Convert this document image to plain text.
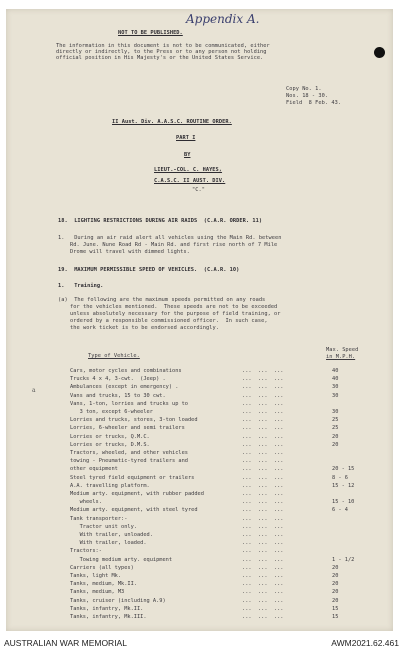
Appendix A.
NOT TO BE PUBLISHED.
The information in this document is not to be communicated, either
directly or indirectly, to the Press or to any person not holding
official position in His Majesty's or the United States Service.
Copy No. 1.
Nos. 18 - 30.
Field  8 Feb. 43.
II Aust. Div. A.A.S.C. ROUTINE ORDER.
PART I
BY
LIEUT.-COL. C. HAYES,
C.A.S.C. II AUST. DIV.
"C."
18.  LIGHTING RESTRICTIONS DURING AIR RAIDS  (C.A.R. ORDER. 11)
1.   During an air raid alert all vehicles using the Main Rd. between
Rd. June. Nune Road Rd - Main Rd. and first rise north of 7 Mile
Drome will travel with dimmed lights.
19.  MAXIMUM PERMISSIBLE SPEED OF VEHICLES.  (C.A.R. 10)
1.   Training.
(a)  The following are the maximum speeds permitted on any roads
for the vehicles mentioned.  These speeds are not to be exceeded
unless absolutely necessary for the purpose of field training, or
ordered by a responsible commissioned officer.  In such case,
the work ticket is to be endorsed accordingly.
Type of Vehicle.
Max. Speed
in M.P.H.
a
Cars, motor cycles and combinations	...  ...  ...	40
Trucks 4 x 4, 3-cwt.  (Jeep) .	...  ...  ...	40
Ambulances (except in emergency) .	...  ...  ...	30
Vans and trucks, 15 to 30 cwt.	...  ...  ...	30
Vans, 1-ton, lorries and trucks up to	...  ...  ...
3 ton, except 6-wheeler	...  ...  ...	30
Lorries and trucks, stores, 3-ton loaded	...  ...  ...	25
Lorries, 6-wheeler and semi trailers	...  ...  ...	25
Lorries or trucks, Q.M.C.	...  ...  ...	20
Lorries or trucks, D.M.S.	...  ...  ...	20
Tractors, wheeled, and other vehicles	...  ...  ...
towing - Pneumatic-tyred trailers and	...  ...  ...
other equipment	...  ...  ...	20 - 15
Steel tyred field equipment or trailers	...  ...  ...	8 - 6
A.A. travelling platform.	...  ...  ...	15 - 12
Medium arty. equipment, with rubber padded	...  ...  ...
wheels.	...  ...  ...	15 - 10
Medium arty. equipment, with steel tyred	...  ...  ...	6 - 4
Tank transporter:-	...  ...  ...
Tractor unit only.	...  ...  ...
With trailer, unloaded.	...  ...  ...
With trailer, loaded.	...  ...  ...
Tractors:-	...  ...  ...
Towing medium arty. equipment	...  ...  ...	1 - 1/2
Carriers (all types)	...  ...  ...	20
Tanks, light Mk.	...  ...  ...	20
Tanks, medium, Mk.II.	...  ...  ...	20
Tanks, medium, M3	...  ...  ...	20
Tanks, cruiser (including A.9)	...  ...  ...	20
Tanks, infantry, Mk.II.	...  ...  ...	15
Tanks, infantry, Mk.III.	...  ...  ...	15
AUSTRALIAN WAR MEMORIAL	AWM2021.62.461
